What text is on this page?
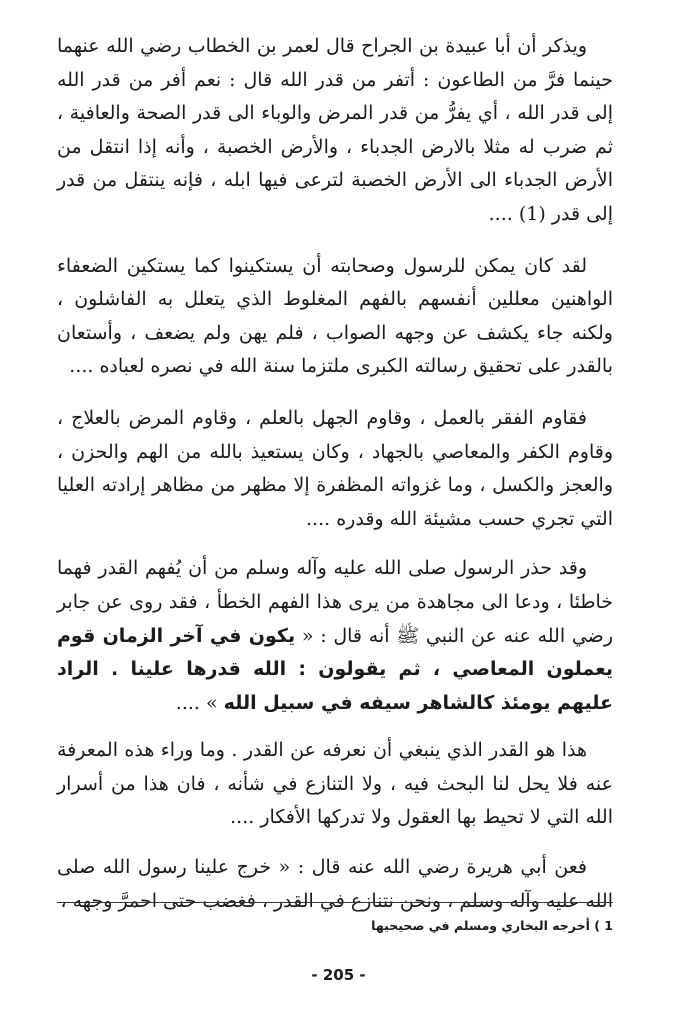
ويذكر أن أبا عبيدة بن الجراح قال لعمر بن الخطاب رضي الله عنهما حينما فرَّ من الطاعون : أتفر من قدر الله قال : نعم أفر من قدر الله إلى قدر الله ، أي يفرُّ من قدر المرض والوباء الى قدر الصحة والعافية ، ثم ضرب له مثلا بالارض الجدباء ، والأرض الخصبة ، وأنه إذا انتقل من الأرض الجدباء الى الأرض الخصبة لترعى فيها ابله ، فإنه ينتقل من قدر إلى قدر (1) ....

لقد كان يمكن للرسول وصحابته أن يستكينوا كما يستكين الضعفاء الواهنين معللين أنفسهم بالفهم المغلوط الذي يتعلل به الفاشلون ، ولكنه جاء يكشف عن وجهه الصواب ، فلم يهن ولم يضعف ، وأستعان بالقدر على تحقيق رسالته الكبرى ملتزما سنة الله في نصره لعباده ....

فقاوم الفقر بالعمل ، وقاوم الجهل بالعلم ، وقاوم المرض بالعلاج ، وقاوم الكفر والمعاصي بالجهاد ، وكان يستعيذ بالله من الهم والحزن ، والعجز والكسل ، وما غزواته المظفرة إلا مظهر من مظاهر إرادته العليا التي تجري حسب مشيئة الله وقدره ....

وقد حذر الرسول صلى الله عليه وآله وسلم من أن يُفهم القدر فهما خاطئا ، ودعا الى مجاهدة من يرى هذا الفهم الخطأ ، فقد روى عن جابر رضي الله عنه عن النبي ﷺ أنه قال : « يكون في آخر الزمان قوم يعملون المعاصي ، ثم يقولون : الله قدرها علينا . الراد عليهم يومئذ كالشاهر سيفه في سبيل الله » ....

هذا هو القدر الذي ينبغي أن نعرفه عن القدر . وما وراء هذه المعرفة عنه فلا يحل لنا البحث فيه ، ولا التنازع في شأنه ، فان هذا من أسرار الله التي لا تحيط بها العقول ولا تدركها الأفكار ....

فعن أبي هريرة رضي الله عنه قال : « خرج علينا رسول الله صلى الله عليه وآله وسلم ، ونحن نتنازع في القدر ، فغضب حتى احمرَّ وجهه ،

1 ) أخرجه البخاري ومسلم في صحيحيها

- 205 -
